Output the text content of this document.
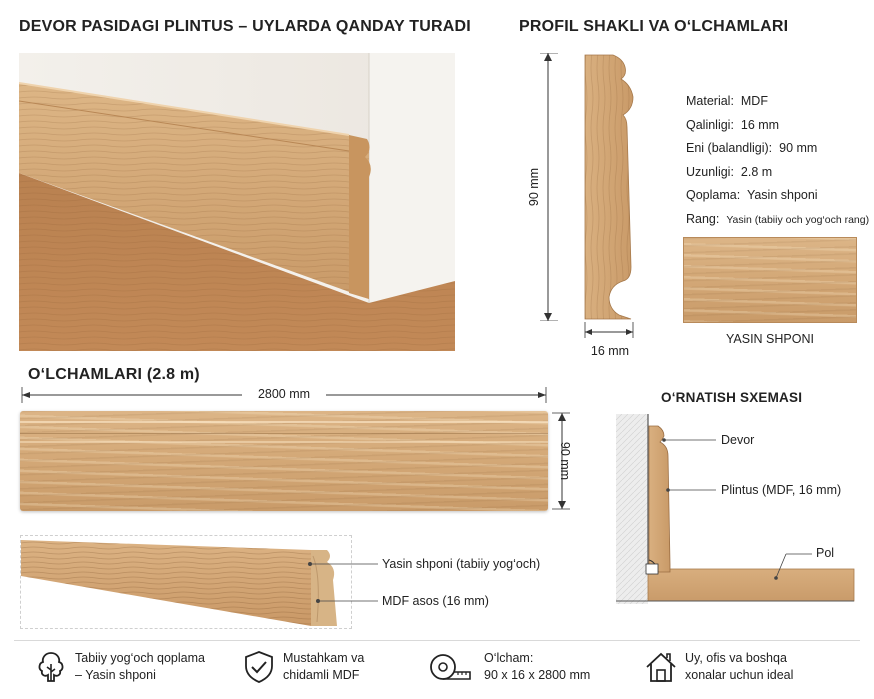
DEVOR PASIDAGI PLINTUS – UYLARDA QANDAY TURADI	PROFIL SHAKLI VA O‘LCHAMLARI
90 mm
16 mm
Material: MDF
Qalinligi: 16 mm
Eni (balandligi): 90 mm
Uzunligi: 2.8 m
Qoplama: Yasin shponi
Rang: Yasin (tabiiy och yog‘och rang)
YASIN SHPONI
O‘LCHAMLARI (2.8 m)
2800 mm
90 mm
Yasin shponi (tabiiy yog‘och)
MDF asos (16 mm)
O‘RNATISH SXEMASI
Devor
Plintus (MDF, 16 mm)
Pol
Tabiiy yog‘och qoplama
– Yasin shponi
Mustahkam va
chidamli MDF
O‘lcham:
90 x 16 x 2800 mm
Uy, ofis va boshqa
xonalar uchun ideal
